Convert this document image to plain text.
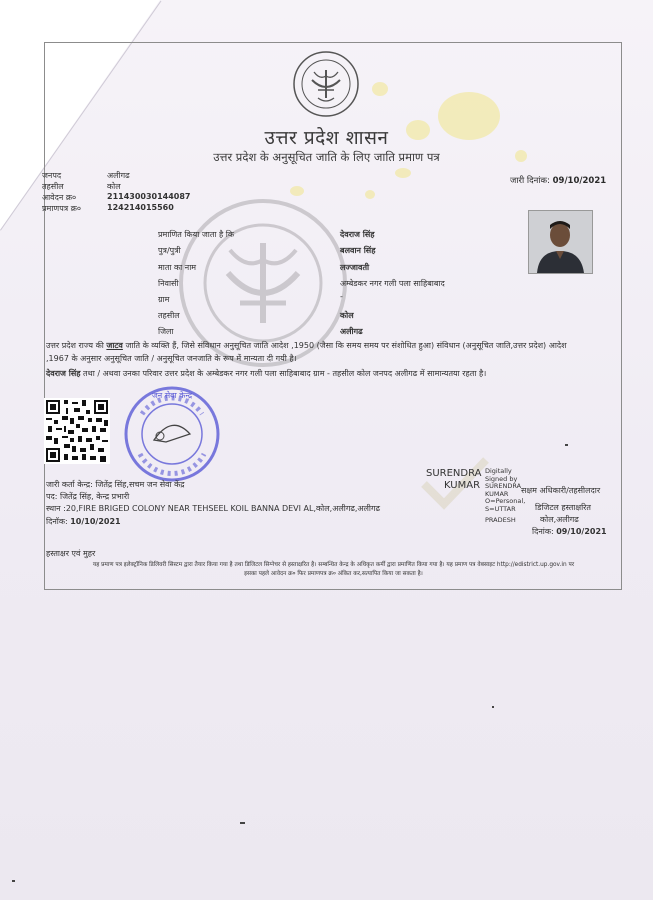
उत्तर प्रदेश शासन
उत्तर प्रदेश के अनुसूचित जाति के लिए जाति प्रमाण पत्र
जनपद	अलीगढ
तहसील	कोल
आवेदन क्र०	211430030144087
प्रमाणपत्र क्र०	124214015560
जारी दिनांक: 09/10/2021
प्रमाणित किया जाता है कि	देवराज सिंह
पुत्र/पुत्री	बलवान सिंह
माता का नाम	लज्जावती
निवासी	अम्बेडकर नगर गली पला साहिबाबाद
ग्राम	-
तहसील	कोल
जिला	अलीगढ
उत्तर प्रदेश राज्य की जाटव जाति के व्यक्ति हैं, जिसे संविधान अनुसूचित जाति आदेश ,1950 (जैसा कि समय समय पर संशोधित हुआ) संविधान (अनुसूचित जाति,उत्तर प्रदेश) आदेश
,1967 के अनुसार अनुसूचित जाति / अनुसूचित जनजाति के रूप में मान्यता दी गयी है।
देवराज सिंह तथा / अथवा उनका परिवार उत्तर प्रदेश के अम्बेडकर नगर गली पला साहिबाबाद ग्राम - तहसील कोल जनपद अलीगढ में सामान्यतया रहता है।
जन सेवा केन्द्र
जारी कर्ता केन्द्र: जितेंद्र सिंह,सचम जन सेवा केंद्र
पद: जितेंद्र सिंह, केन्द्र प्रभारी
स्थान :20,FIRE BRIGED COLONY NEAR TEHSEEL KOIL BANNA DEVI AL,कोल,अलीगढ,अलीगढ
दिनॉक: 10/10/2021
SURENDRA
KUMAR
Digitally
Signed by
SURENDRA
KUMAR
O=Personal,
S=UTTAR
PRADESH
सक्षम अधिकारी/तहसीलदार
डिजिटल हस्ताक्षरित
कोल,अलीगढ
दिनांक: 09/10/2021
हस्ताक्षर एवं मुहर
यह प्रमाण पत्र इलेक्ट्रॉनिक डिलिवरी सिस्टम द्वारा तैयार किया गया है तथा डिजिटल सिग्नेचर से हस्ताक्षरित है। सम्बन्धित केन्द्र के अधिकृत कर्मी द्वारा प्रमाणित किया गया है। यह प्रमाण पत्र वेबसाइट http://edistrict.up.gov.in पर
इसका पहले आवेदन क्र० फिर प्रमाणपत्र क्र० अंकित कर,सत्यापित किया जा सकता है।
